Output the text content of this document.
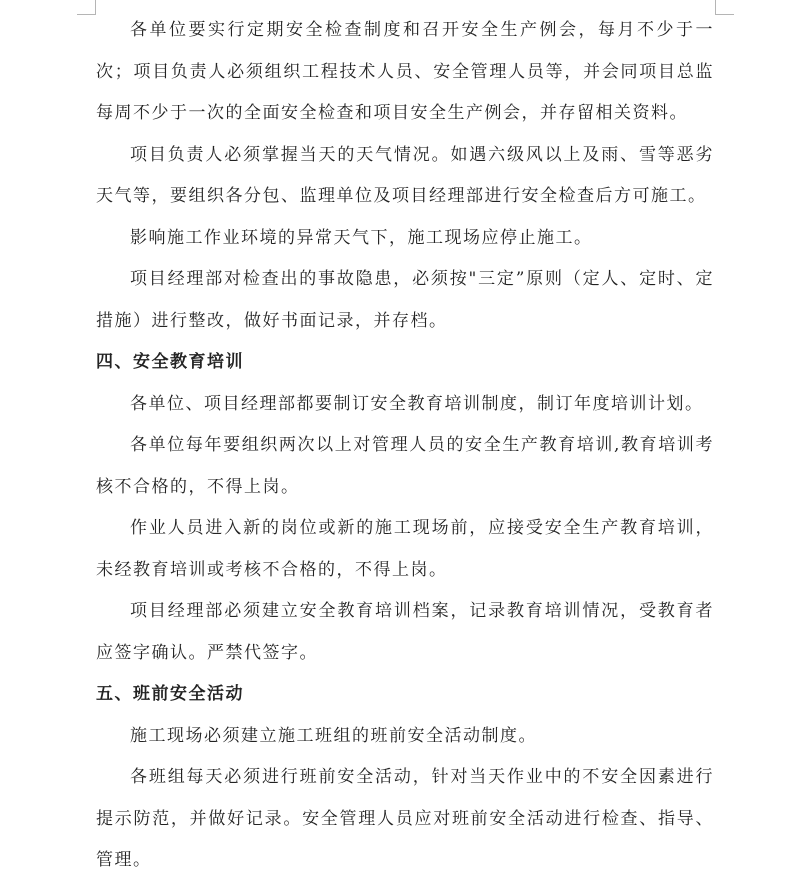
各单位要实行定期安全检查制度和召开安全生产例会，每月不少于一次；项目负责人必须组织工程技术人员、安全管理人员等，并会同项目总监每周不少于一次的全面安全检查和项目安全生产例会，并存留相关资料。

项目负责人必须掌握当天的天气情况。如遇六级风以上及雨、雪等恶劣天气等，要组织各分包、监理单位及项目经理部进行安全检查后方可施工。

影响施工作业环境的异常天气下，施工现场应停止施工。

项目经理部对检查出的事故隐患，必须按"三定”原则（定人、定时、定措施）进行整改，做好书面记录，并存档。

四、安全教育培训

各单位、项目经理部都要制订安全教育培训制度，制订年度培训计划。

各单位每年要组织两次以上对管理人员的安全生产教育培训,教育培训考核不合格的，不得上岗。

作业人员进入新的岗位或新的施工现场前，应接受安全生产教育培训，未经教育培训或考核不合格的，不得上岗。

项目经理部必须建立安全教育培训档案，记录教育培训情况，受教育者应签字确认。严禁代签字。

五、班前安全活动

施工现场必须建立施工班组的班前安全活动制度。

各班组每天必须进行班前安全活动，针对当天作业中的不安全因素进行提示防范，并做好记录。安全管理人员应对班前安全活动进行检查、指导、管理。
